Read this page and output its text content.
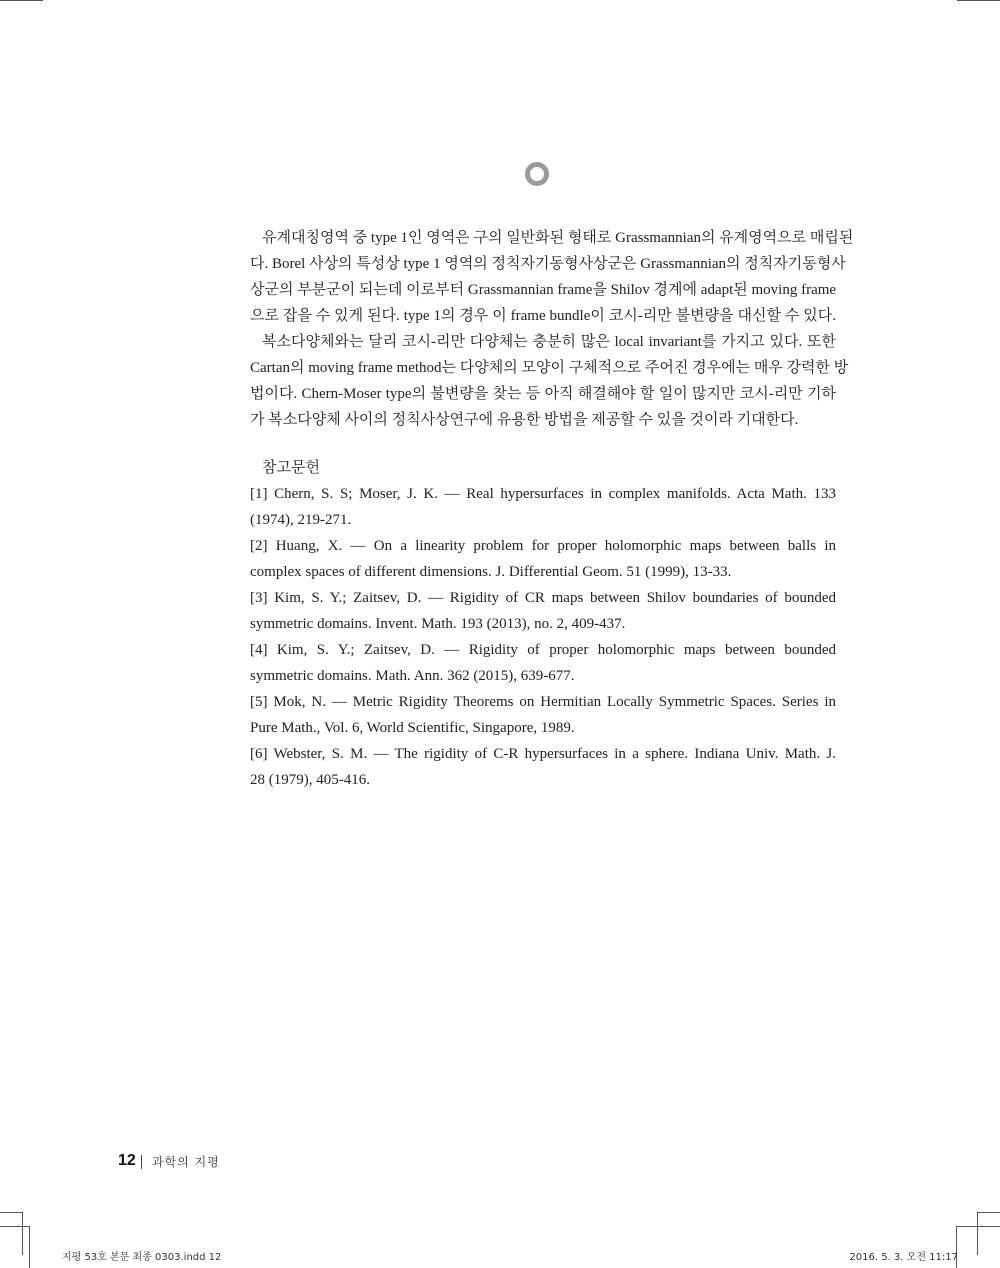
유계대칭영역 중 type 1인 영역은 구의 일반화된 형태로 Grassmannian의 유계영역으로 매립된
다. Borel 사상의 특성상 type 1 영역의 정칙자기동형사상군은 Grassmannian의 정칙자기동형사
상군의 부분군이 되는데 이로부터 Grassmannian frame을 Shilov 경계에 adapt된 moving frame
으로 잡을 수 있게 된다. type 1의 경우 이 frame bundle이 코시-리만 불변량을 대신할 수 있다.
복소다양체와는 달리 코시-리만 다양체는 충분히 많은 local invariant를 가지고 있다. 또한
Cartan의 moving frame method는 다양체의 모양이 구체적으로 주어진 경우에는 매우 강력한 방
법이다. Chern-Moser type의 불변량을 찾는 등 아직 해결해야 할 일이 많지만 코시-리만 기하
가 복소다양체 사이의 정칙사상연구에 유용한 방법을 제공할 수 있을 것이라 기대한다.
참고문헌
[1] Chern, S. S; Moser, J. K. — Real hypersurfaces in complex manifolds. Acta Math. 133
(1974), 219-271.
[2] Huang, X. — On a linearity problem for proper holomorphic maps between balls in
complex spaces of different dimensions. J. Differential Geom. 51 (1999), 13-33.
[3] Kim, S. Y.; Zaitsev, D. — Rigidity of CR maps between Shilov boundaries of bounded
symmetric domains. Invent. Math. 193 (2013), no. 2, 409-437.
[4] Kim, S. Y.; Zaitsev, D. — Rigidity of proper holomorphic maps between bounded
symmetric domains. Math. Ann. 362 (2015), 639-677.
[5] Mok, N. — Metric Rigidity Theorems on Hermitian Locally Symmetric Spaces. Series in
Pure Math., Vol. 6, World Scientific, Singapore, 1989.
[6] Webster, S. M. — The rigidity of C-R hypersurfaces in a sphere. Indiana Univ. Math. J.
28 (1979), 405-416.
12 과학의 지평
지평 53호 본문 최종 0303.indd 12	2016. 5. 3. 오전 11:17
